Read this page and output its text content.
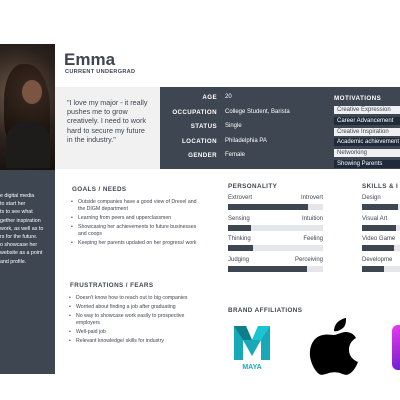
e digital media

to start her

ts to see what

gether inspiration

work, as well as to

rs for the future.

o showcase her

website as a point

and profile.

Emma
CURRENT UNDERGRAD
"I love my major - it really pushes me to grow creatively. I need to work hard to secure my future in the industry."
AGE 20
OCCUPATION College Student, Barista
STATUS Single
LOCATION Philadelphia PA
GENDER Female
MOTIVATIONS
Creative Expression
Career Advancement
Creative Inspiration
Academic achievement
Networking
Showing Parents
GOALS / NEEDS
• Outside companies have a good view of Drexel and the DIGM department
• Learning from peers and upperclassmen
• Showcasing her achievements to future businesses and coops
• Keeping her parents updated on her progress/ work
FRUSTRATIONS / FEARS
• Doesn't know how to reach out to big companies
• Worried about finding a job after graduating
• No way to showcase work easily to prospective employers
• Well-paid job
• Relevant knowledge/ skills for industry
PERSONALITY
Extrovert	Introvert
Sensing	Intuition
Thinking	Feeling
Judging	Perceiving
SKILLS & I
Design
Visual Art
Video Game
Developme
BRAND AFFILIATIONS
MAYA
